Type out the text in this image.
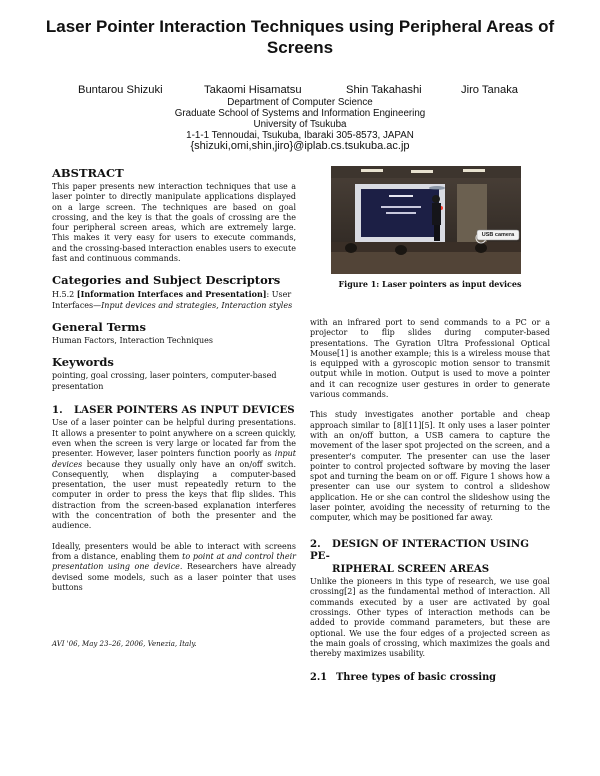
Laser Pointer Interaction Techniques using Peripheral Areas of Screens
Buntarou Shizuki	Takaomi Hisamatsu	Shin Takahashi	Jiro Tanaka
Department of Computer Science
Graduate School of Systems and Information Engineering
University of Tsukuba
1-1-1 Tennoudai, Tsukuba, Ibaraki 305-8573, JAPAN
{shizuki,omi,shin,jiro}@iplab.cs.tsukuba.ac.jp
ABSTRACT

This paper presents new interaction techniques that use a laser pointer to directly manipulate applications displayed on a large screen. The techniques are based on goal crossing, and the key is that the goals of crossing are the four peripheral screen areas, which are extremely large. This makes it very easy for users to execute commands, and the crossing-based interaction enables users to execute fast and continuous commands.

Categories and Subject Descriptors

H.5.2 [Information Interfaces and Presentation]: User Interfaces—Input devices and strategies, Interaction styles

General Terms

Human Factors, Interaction Techniques

Keywords

pointing, goal crossing, laser pointers, computer-based presentation

1. LASER POINTERS AS INPUT DEVICES

Use of a laser pointer can be helpful during presentations. It allows a presenter to point anywhere on a screen quickly, even when the screen is very large or located far from the presenter. However, laser pointers function poorly as input devices because they usually only have an on/off switch. Consequently, when displaying a computer-based presentation, the user must repeatedly return to the computer in order to press the keys that flip slides. This distraction from the screen-based explanation interferes with the concentration of both the presenter and the audience.

Ideally, presenters would be able to interact with screens from a distance, enabling them to point at and control their presentation using one device. Researchers have already devised some models, such as a laser pointer that uses buttons

AVI '06, May 23–26, 2006, Venezia, Italy.
USB camera
Figure 1: Laser pointers as input devices

with an infrared port to send commands to a PC or a projector to flip slides during computer-based presentations. The Gyration Ultra Professional Optical Mouse[1] is another example; this is a wireless mouse that is equipped with a gyroscopic motion sensor to transmit output while in motion. Output is used to move a pointer and it can recognize user gestures in order to generate various commands.

This study investigates another portable and cheap approach similar to [8][11][5]. It only uses a laser pointer with an on/off button, a USB camera to capture the movement of the laser spot projected on the screen, and a presenter's computer. The presenter can use the laser pointer to control projected software by moving the laser spot and turning the beam on or off. Figure 1 shows how a presenter can use our system to control a slideshow application. He or she can control the slideshow using the laser pointer, avoiding the necessity of returning to the computer, which may be positioned far away.

2. DESIGN OF INTERACTION USING PE-
RIPHERAL SCREEN AREAS

Unlike the pioneers in this type of research, we use goal crossing[2] as the fundamental method of interaction. All commands executed by a user are activated by goal crossings. Other types of interaction methods can be added to provide command parameters, but these are optional. We use the four edges of a projected screen as the main goals of crossing, which maximizes the goals and thereby maximizes usability.

2.1 Three types of basic crossing
